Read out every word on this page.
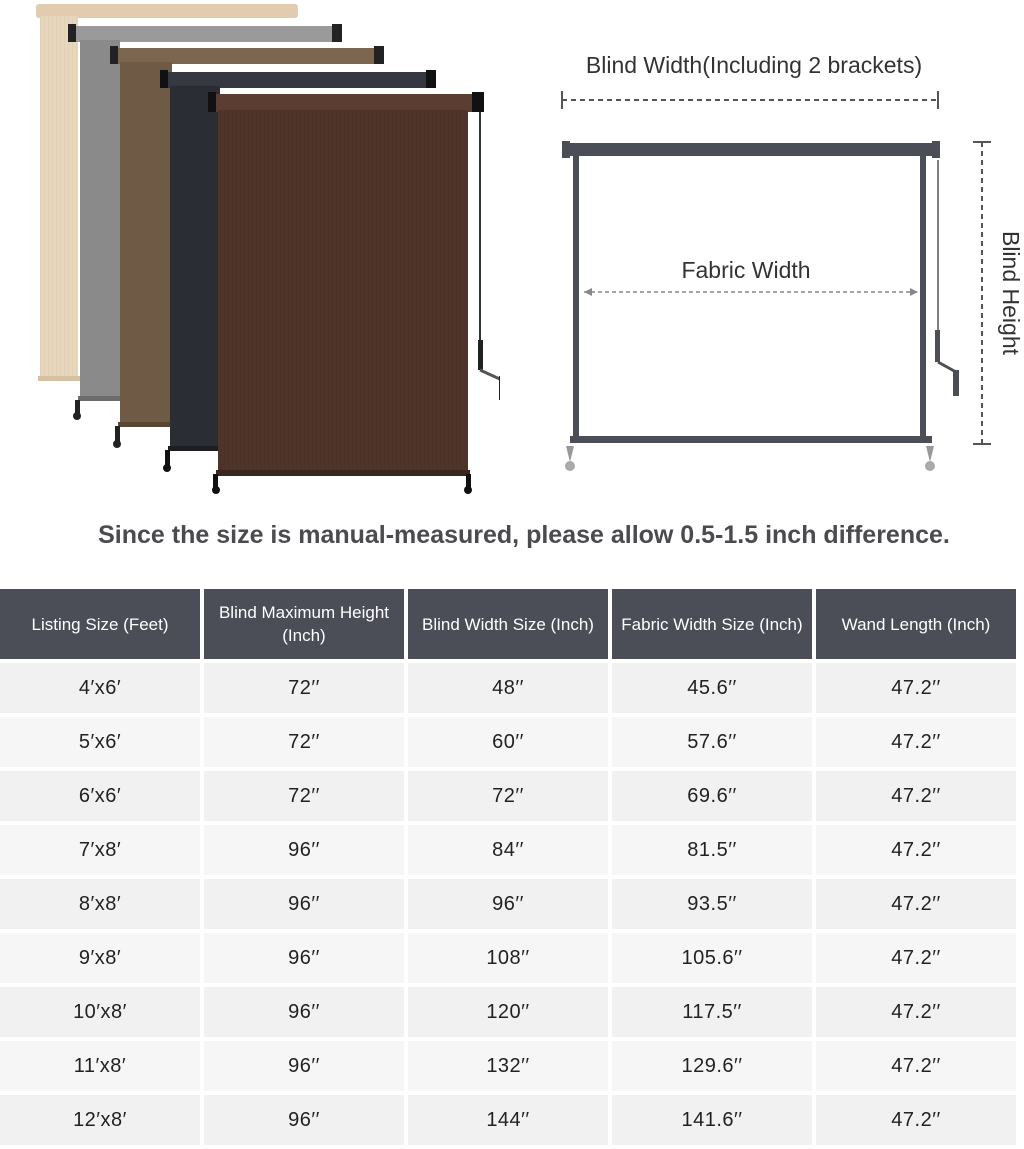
Blind Width(Including 2 brackets)
Fabric Width	Blind Height
Since the size is manual-measured, please allow 0.5-1.5 inch difference.
Listing Size (Feet)	Blind Maximum Height (Inch)	Blind Width Size (Inch)	Fabric Width Size (Inch)	Wand Length (Inch)
4′x6′	72′′	48′′	45.6′′	47.2′′
5′x6′	72′′	60′′	57.6′′	47.2′′
6′x6′	72′′	72′′	69.6′′	47.2′′
7′x8′	96′′	84′′	81.5′′	47.2′′
8′x8′	96′′	96′′	93.5′′	47.2′′
9′x8′	96′′	108′′	105.6′′	47.2′′
10′x8′	96′′	120′′	117.5′′	47.2′′
11′x8′	96′′	132′′	129.6′′	47.2′′
12′x8′	96′′	144′′	141.6′′	47.2′′
